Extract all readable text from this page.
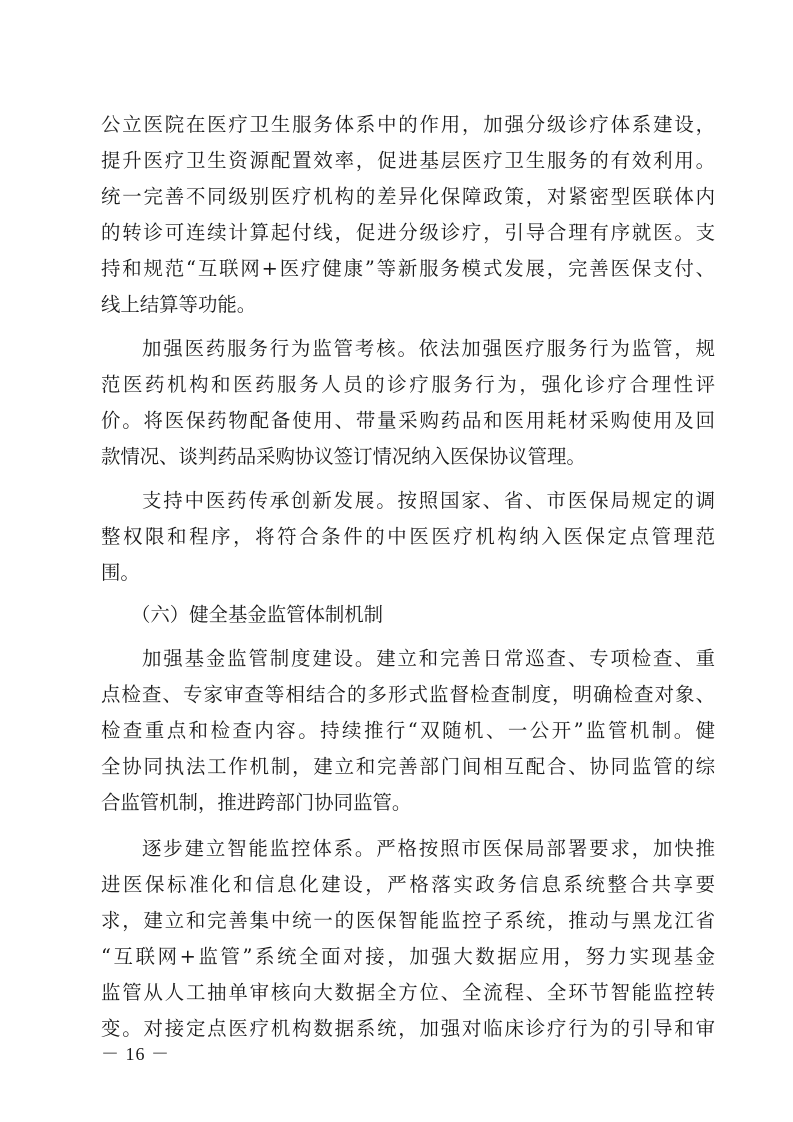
公立医院在医疗卫生服务体系中的作用，加强分级诊疗体系建设，
提升医疗卫生资源配置效率，促进基层医疗卫生服务的有效利用。
统一完善不同级别医疗机构的差异化保障政策，对紧密型医联体内
的转诊可连续计算起付线，促进分级诊疗，引导合理有序就医。支
持和规范“互联网+医疗健康”等新服务模式发展，完善医保支付、
线上结算等功能。
加强医药服务行为监管考核。依法加强医疗服务行为监管，规
范医药机构和医药服务人员的诊疗服务行为，强化诊疗合理性评
价。将医保药物配备使用、带量采购药品和医用耗材采购使用及回
款情况、谈判药品采购协议签订情况纳入医保协议管理。
支持中医药传承创新发展。按照国家、省、市医保局规定的调
整权限和程序，将符合条件的中医医疗机构纳入医保定点管理范
围。
（六）健全基金监管体制机制
加强基金监管制度建设。建立和完善日常巡查、专项检查、重
点检查、专家审查等相结合的多形式监督检查制度，明确检查对象、
检查重点和检查内容。持续推行“双随机、一公开”监管机制。健
全协同执法工作机制，建立和完善部门间相互配合、协同监管的综
合监管机制，推进跨部门协同监管。
逐步建立智能监控体系。严格按照市医保局部署要求，加快推
进医保标准化和信息化建设，严格落实政务信息系统整合共享要
求，建立和完善集中统一的医保智能监控子系统，推动与黑龙江省
“互联网+监管”系统全面对接，加强大数据应用，努力实现基金
监管从人工抽单审核向大数据全方位、全流程、全环节智能监控转
变。对接定点医疗机构数据系统，加强对临床诊疗行为的引导和审
－ 16 －
